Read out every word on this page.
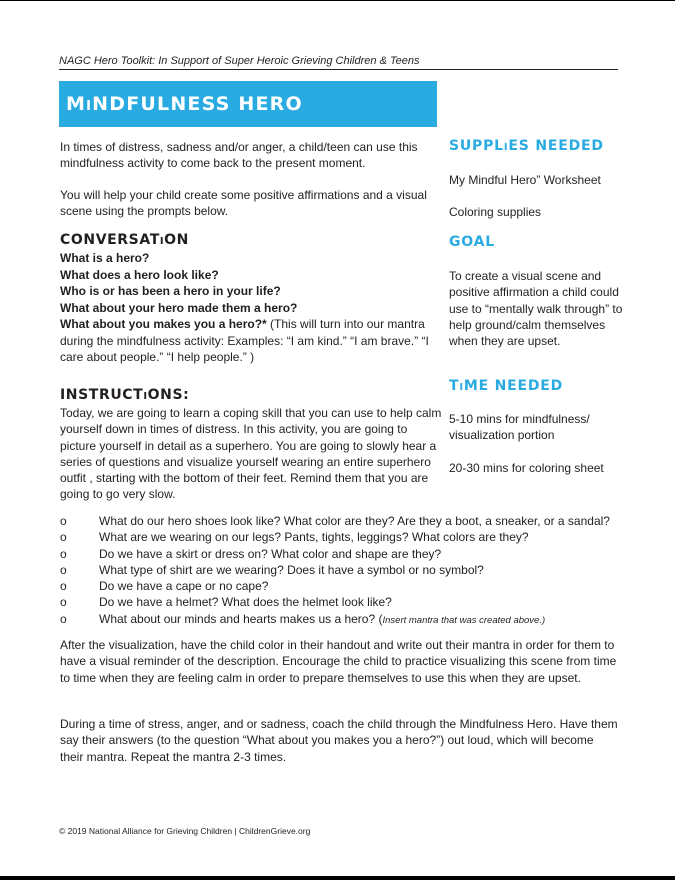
NAGC Hero Toolkit: In Support of Super Heroic Grieving Children & Teens
MiNDFULNESS HERO

In times of distress, sadness and/or anger, a child/teen can use this mindfulness activity to come back to the present moment.

You will help your child create some positive affirmations and a visual scene using the prompts below.

CONVERSATiON

What is a hero?

What does a hero look like?

Who is or has been a hero in your life?

What about your hero made them a hero?

What about you makes you a hero?* (This will turn into our mantra during the mindfulness activity: Examples: “I am kind.” “I am brave.” “I care about people.” “I help people.” )

INSTRUCTiONS:
Today, we are going to learn a coping skill that you can use to help calm yourself down in times of distress. In this activity, you are going to picture yourself in detail as a superhero. You are going to slowly hear a series of questions and visualize yourself wearing an entire superhero outfit , starting with the bottom of their feet. Remind them that you are going to go very slow.
o	What do our hero shoes look like? What color are they? Are they a boot, a sneaker, or a sandal?
o	What are we wearing on our legs? Pants, tights, leggings? What colors are they?
o	Do we have a skirt or dress on? What color and shape are they?
o	What type of shirt are we wearing? Does it have a symbol or no symbol?
o	Do we have a cape or no cape?
o	Do we have a helmet? What does the helmet look like?
o	What about our minds and hearts makes us a hero? (Insert mantra that was created above.)

After the visualization, have the child color in their handout and write out their mantra in order for them to have a visual reminder of the description. Encourage the child to practice visualizing this scene from time to time when they are feeling calm in order to prepare themselves to use this when they are upset.

During a time of stress, anger, and or sadness, coach the child through the Mindfulness Hero. Have them say their answers (to the question “What about you makes you a hero?”) out loud, which will become their mantra. Repeat the mantra 2-3 times.

SUPPLiES NEEDED

My Mindful Hero” Worksheet

Coloring supplies

GOAL
To create a visual scene and positive affirmation a child could use to “mentally walk through” to help ground/calm themselves when they are upset.
TiME NEEDED
5-10 mins for mindfulness/ visualization portion
20-30 mins for coloring sheet
© 2019 National Alliance for Grieving Children | ChildrenGrieve.org
